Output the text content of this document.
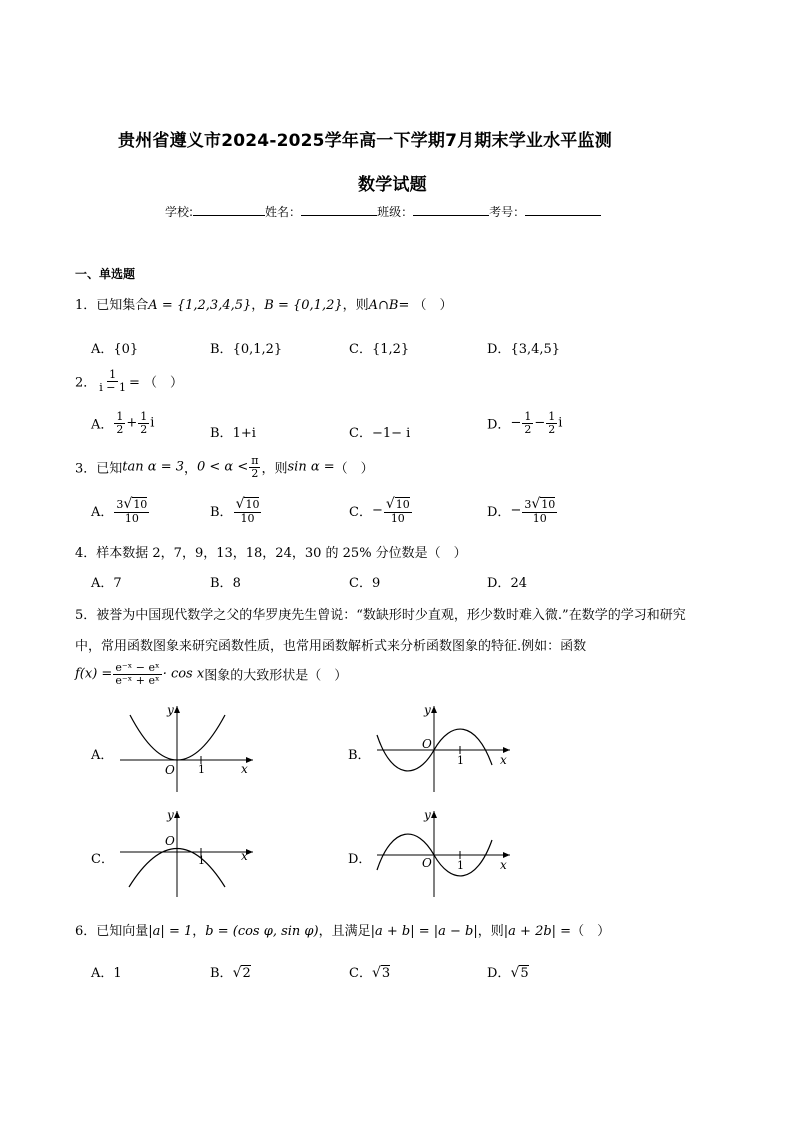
贵州省遵义市2024-2025学年高一下学期7月期末学业水平监测
数学试题
学校:	姓名：	班级：	考号：
一、单选题
1．已知集合A = {1,2,3,4,5}，B = {0,1,2}，则A∩B= （　）
A．{0}	B．{0,1,2}	C．{1,2}	D．{3,4,5}
2． $\frac{1}{i - 1}$ = （　）
A． $\frac{1}{2} + \frac{1}{2}$ i
B．1+i	C．−1− i
D．− $\frac{1}{2} - \frac{1}{2}$ i
3．已知tan α = 3，$0 < \alpha < \frac{\pi}{2}$ ，则sin α =（　）
A． $\frac{3√10}{10}$	B． $\frac{√10}{10}$	C．− $\frac{√10}{10}$	D．− $\frac{3√10}{10}$
4．样本数据 2，7，9，13，18，24，30 的 25% 分位数是（　）
A．7	B．8	C．9	D．24
5．被誉为中国现代数学之父的华罗庚先生曾说：“数缺形时少直观，形少数时难入微.”在数学的学习和研究
中，常用函数图象来研究函数性质，也常用函数解析式来分析函数图象的特征.例如：函数
$f(x) = \frac{\text{e⁻ˣ − eˣ}}{\text{e⁻ˣ + eˣ}} \cdot \cos x$图象的大致形状是（　）
A．
y
O 1	x
B．
y
O
1	x
C．
y
O
1	x	D．
y
O 1	x
6．已知向量|a| = 1，b = (cos φ, sin φ)，且满足|a + b| = |a − b|，则|a + 2b| =（　）
A．1	B．√2	C．√3	D．√5
